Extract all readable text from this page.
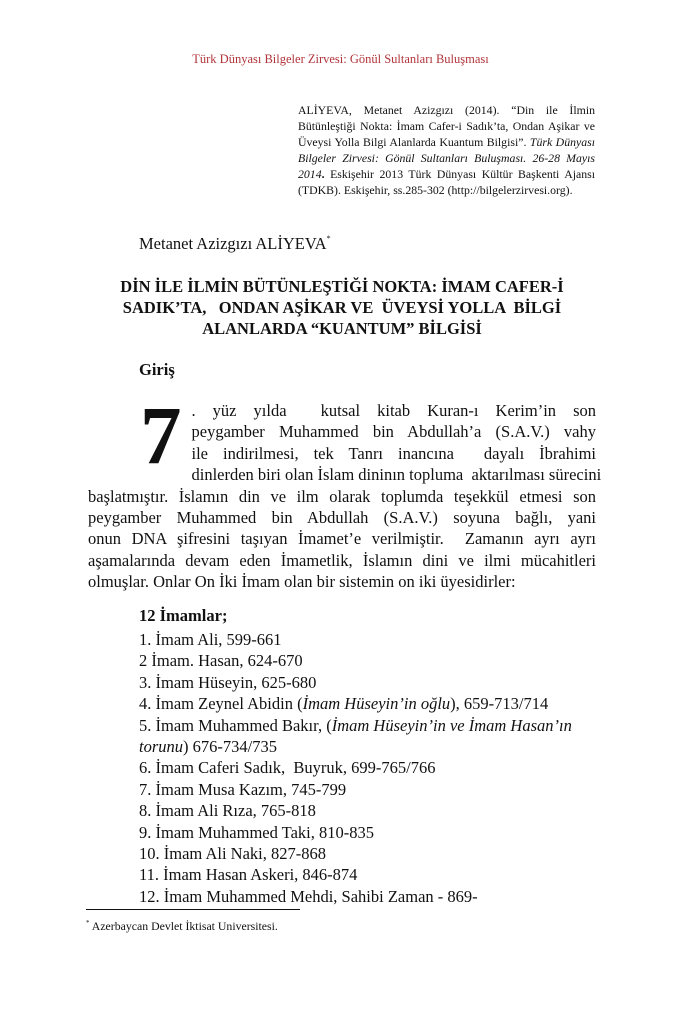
Türk Dünyası Bilgeler Zirvesi: Gönül Sultanları Buluşması
ALİYEVA, Metanet Azizgızı (2014). “Din ile İlmin Bütünleştiği Nokta: İmam Cafer-i Sadık’ta, Ondan Aşikar ve Üveysi Yolla Bilgi Alanlarda Kuantum Bilgisi”. Türk Dünyası Bilgeler Zirvesi: Gönül Sultanları Buluşması. 26-28 Mayıs 2014. Eskişehir 2013 Türk Dünyası Kültür Başkenti Ajansı (TDKB). Eskişehir, ss.285-302 (http://bilgelerzirvesi.org).
Metanet Azizgızı ALİYEVA*
DİN İLE İLMİN BÜTÜNLEŞTİĞİ NOKTA: İMAM CAFER-İ
SADIK’TA,   ONDAN AŞİKAR VE  ÜVEYSİ YOLLA  BİLGİ
ALANLARDA “KUANTUM” BİLGİSİ
Giriş
7 . yüz yılda  kutsal kitab Kuran-ı Kerim’in son
peygamber Muhammed bin Abdullah’a (S.A.V.) vahy
ile indirilmesi, tek Tanrı inancına  dayalı İbrahimi
dinlerden biri olan İslam dininın topluma  aktarılması sürecini
başlatmıştır. İslamın din ve ilm olarak toplumda teşekkül etmesi son
peygamber Muhammed bin Abdullah (S.A.V.) soyuna bağlı, yani
onun DNA şifresini taşıyan İmamet’e verilmiştir.  Zamanın ayrı ayrı
aşamalarında devam eden İmametlik, İslamın dini ve ilmi mücahitleri
olmuşlar. Onlar On İki İmam olan bir sistemin on iki üyesidirler:
12 İmamlar;
1. İmam Ali, 599-661
2 İmam. Hasan, 624-670
3. İmam Hüseyin, 625-680
4. İmam Zeynel Abidin (İmam Hüseyin’in oğlu), 659-713/714
5. İmam Muhammed Bakır, (İmam Hüseyin’in ve İmam Hasan’ın torunu) 676-734/735
6. İmam Caferi Sadık,  Buyruk, 699-765/766
7. İmam Musa Kazım, 745-799
8. İmam Ali Rıza, 765-818
9. İmam Muhammed Taki, 810-835
10. İmam Ali Naki, 827-868
11. İmam Hasan Askeri, 846-874
12. İmam Muhammed Mehdi, Sahibi Zaman - 869-
* Azerbaycan Devlet İktisat Universitesi.
